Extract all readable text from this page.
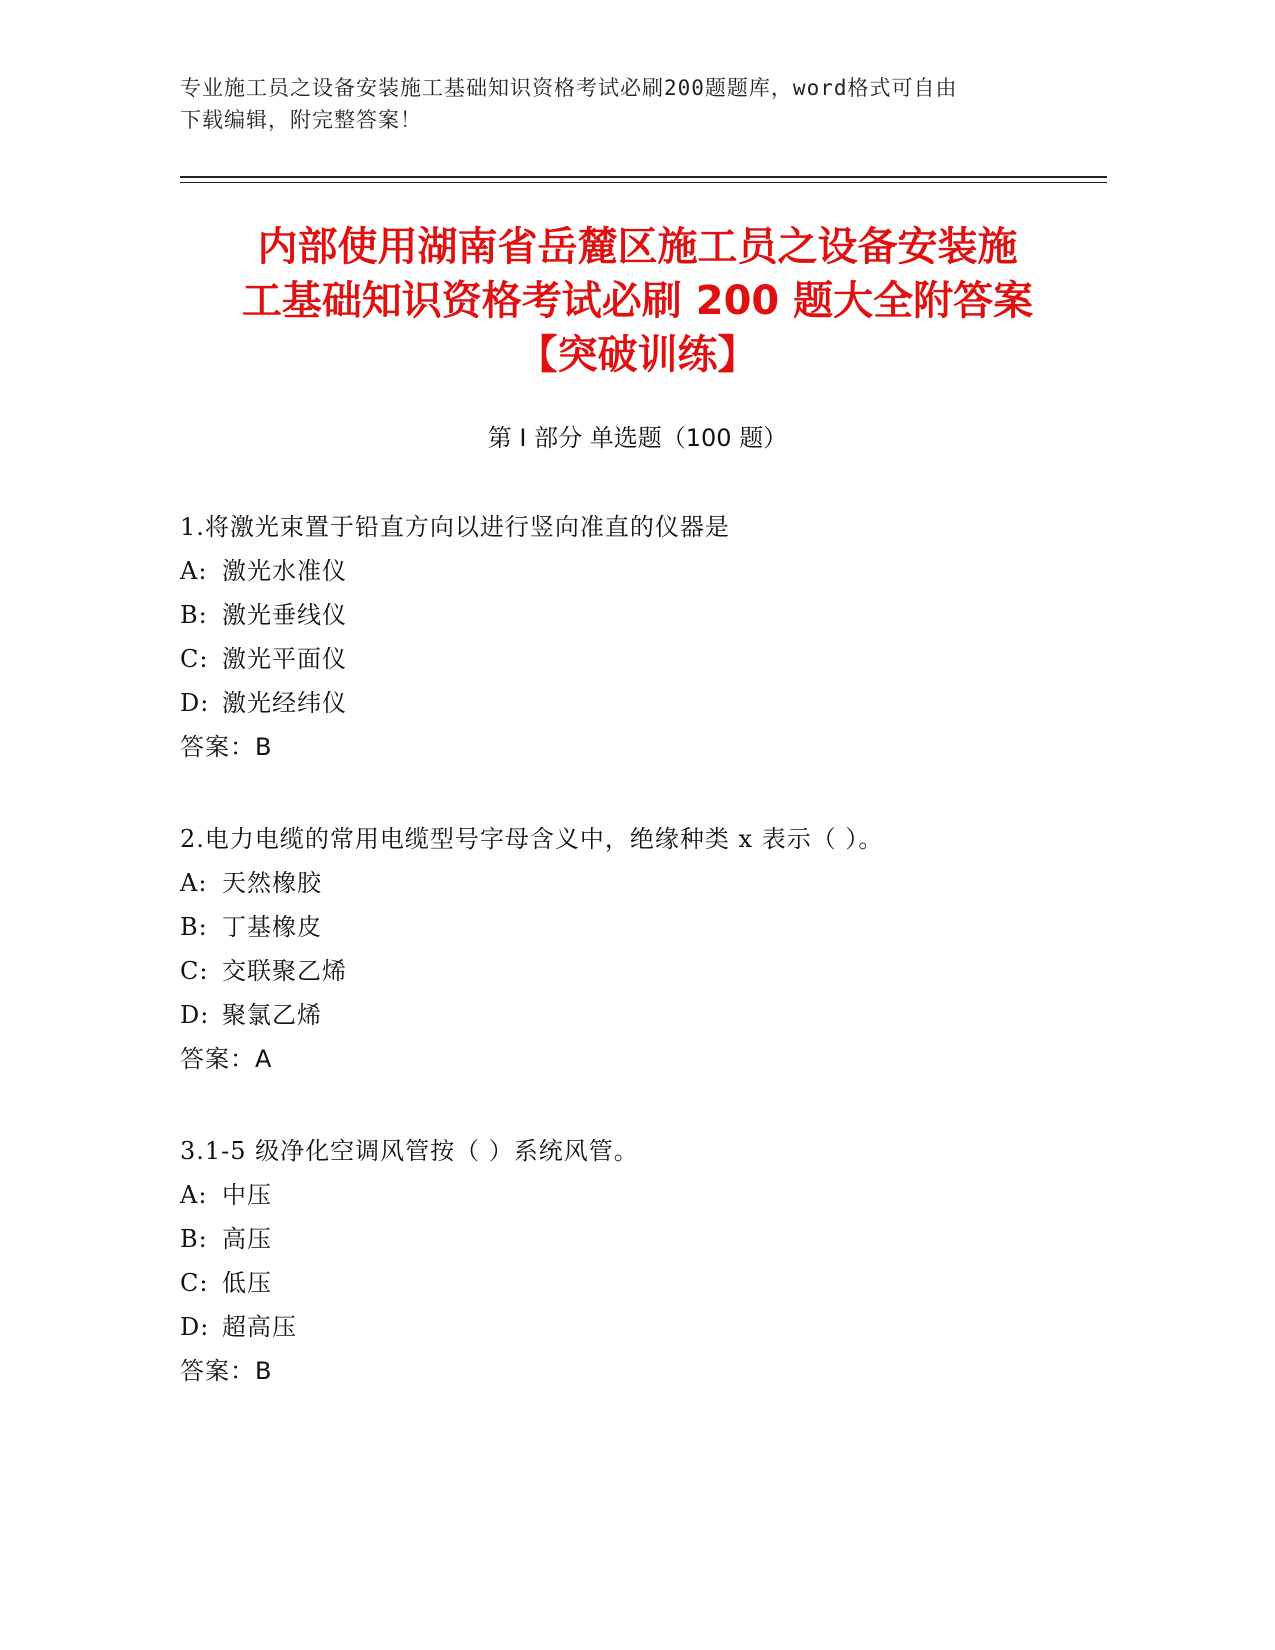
专业施工员之设备安装施工基础知识资格考试必刷200题题库，word格式可自由
下载编辑，附完整答案！
内部使用湖南省岳麓区施工员之设备安装施
工基础知识资格考试必刷 200 题大全附答案
【突破训练】
第 I 部分 单选题（100 题）
1.将激光束置于铅直方向以进行竖向准直的仪器是
A: 激光水准仪
B: 激光垂线仪
C: 激光平面仪
D: 激光经纬仪
答案：B
2.电力电缆的常用电缆型号字母含义中，绝缘种类 x 表示（ ）。
A: 天然橡胶
B: 丁基橡皮
C: 交联聚乙烯
D: 聚氯乙烯
答案：A
3.1-5 级净化空调风管按（ ）系统风管。
A: 中压
B: 高压
C: 低压
D: 超高压
答案：B
